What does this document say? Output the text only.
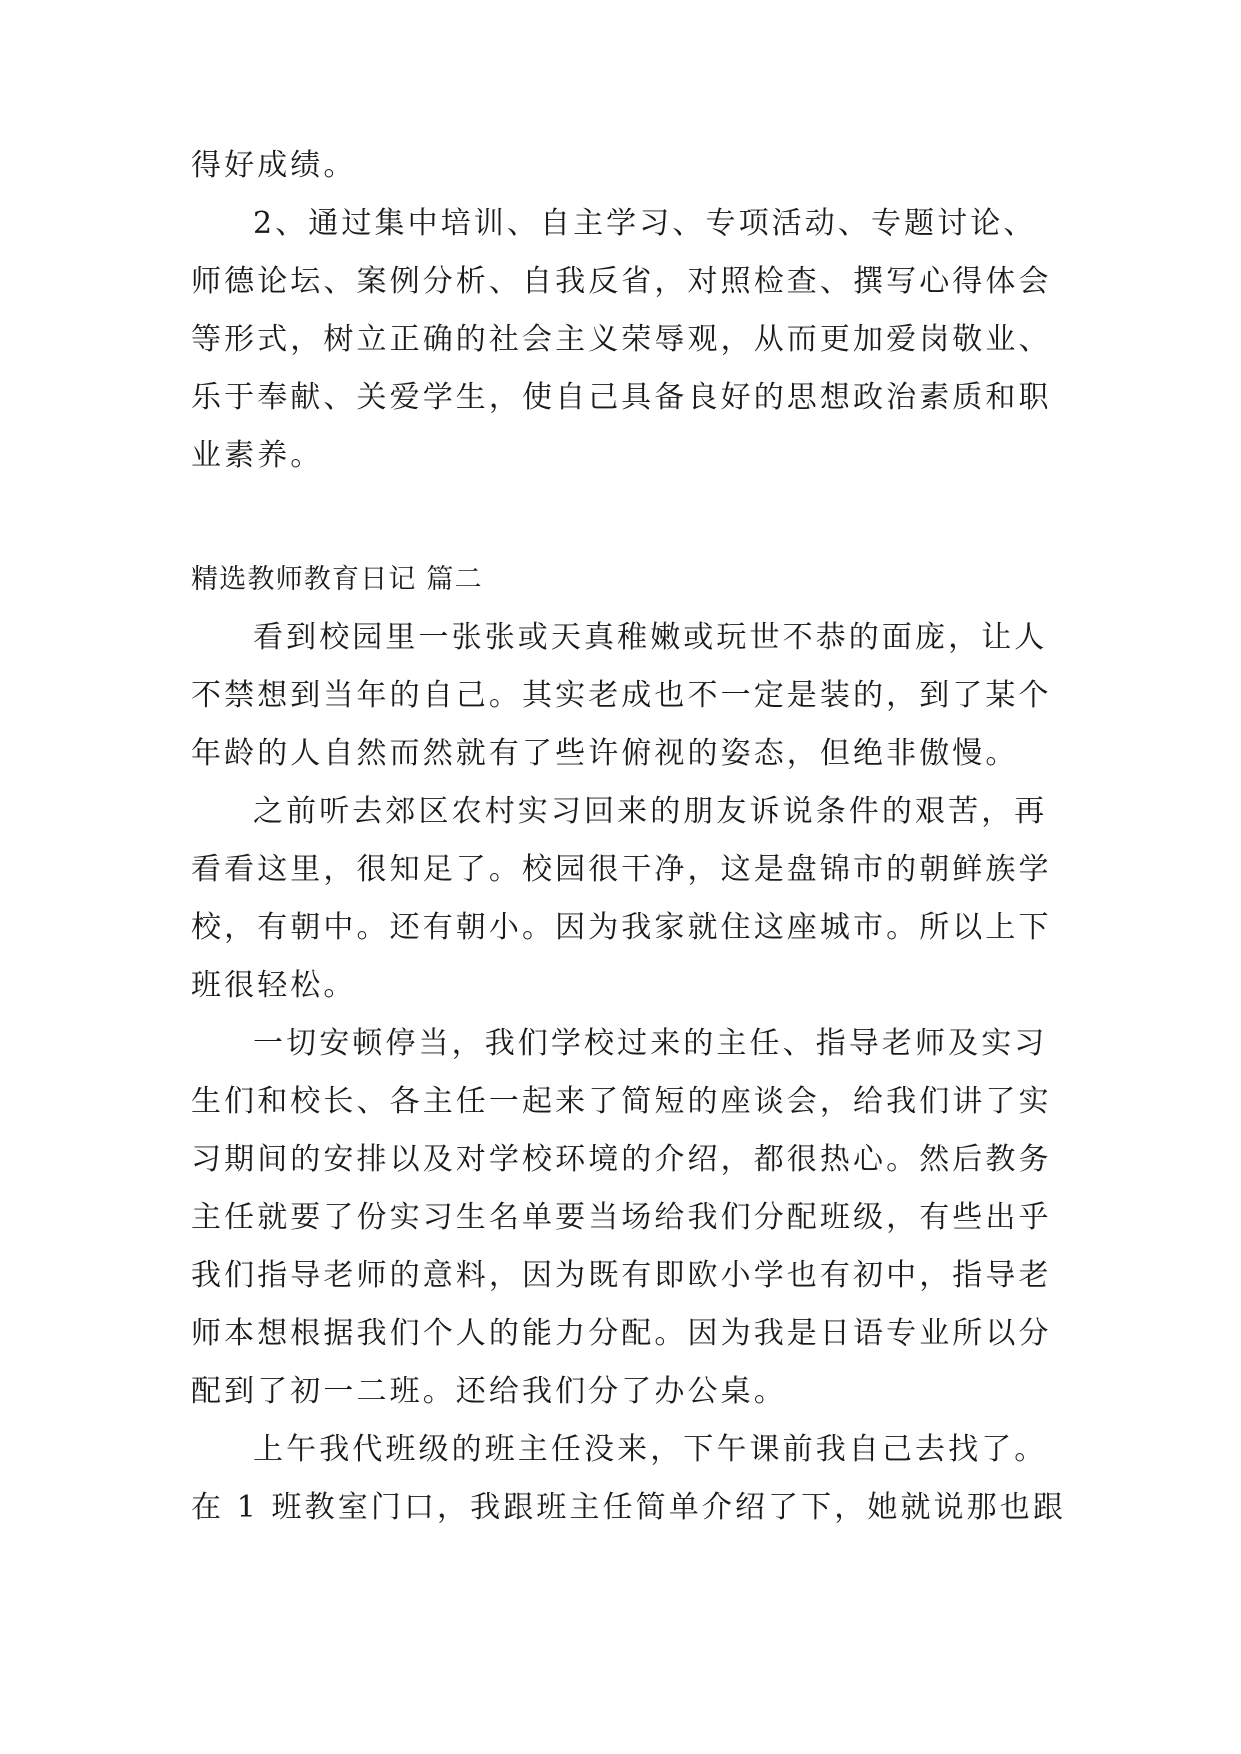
得好成绩。
2、通过集中培训、自主学习、专项活动、专题讨论、
师德论坛、案例分析、自我反省，对照检查、撰写心得体会
等形式，树立正确的社会主义荣辱观，从而更加爱岗敬业、
乐于奉献、关爱学生，使自己具备良好的思想政治素质和职
业素养。
精选教师教育日记 篇二
看到校园里一张张或天真稚嫩或玩世不恭的面庞，让人
不禁想到当年的自己。其实老成也不一定是装的，到了某个
年龄的人自然而然就有了些许俯视的姿态，但绝非傲慢。
之前听去郊区农村实习回来的朋友诉说条件的艰苦，再
看看这里，很知足了。校园很干净，这是盘锦市的朝鲜族学
校，有朝中。还有朝小。因为我家就住这座城市。所以上下
班很轻松。
一切安顿停当，我们学校过来的主任、指导老师及实习
生们和校长、各主任一起来了简短的座谈会，给我们讲了实
习期间的安排以及对学校环境的介绍，都很热心。然后教务
主任就要了份实习生名单要当场给我们分配班级，有些出乎
我们指导老师的意料，因为既有即欧小学也有初中，指导老
师本想根据我们个人的能力分配。因为我是日语专业所以分
配到了初一二班。还给我们分了办公桌。
上午我代班级的班主任没来，下午课前我自己去找了。
在 1 班教室门口，我跟班主任简单介绍了下，她就说那也跟
